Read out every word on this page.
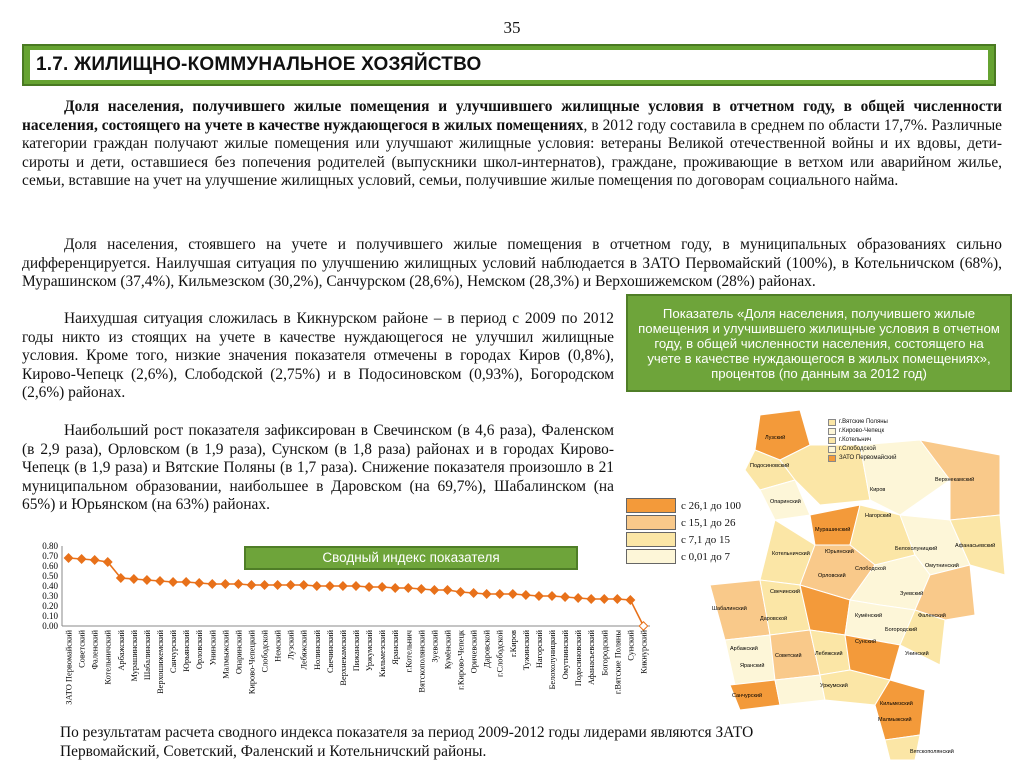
35
1.7. ЖИЛИЩНО-КОММУНАЛЬНОЕ ХОЗЯЙСТВО
Доля населения, получившего жилые помещения и улучшившего жилищные условия в отчетном году, в общей численности населения, состоящего на учете в качестве нуждающегося в жилых помещениях, в 2012 году составила в среднем по области 17,7%. Различные категории граждан получают жилые помещения или улучшают жилищные условия: ветераны Великой отечественной войны и их вдовы, дети-сироты и дети, оставшиеся без попечения родителей (выпускники школ-интернатов), граждане, проживающие в ветхом или аварийном жилье, семьи, вставшие на учет на улучшение жилищных условий, семьи, получившие жилые помещения по договорам социального найма.
Доля населения, стоявшего на учете и получившего жилые помещения в отчетном году, в муниципальных образованиях сильно дифференцируется. Наилучшая ситуация по улучшению жилищных условий наблюдается в ЗАТО Первомайский (100%), в Котельничском (68%), Мурашинском (37,4%), Кильмезском (30,2%), Санчурском (28,6%), Немском (28,3%) и Верхошижемском (28%) районах.
Наихудшая ситуация сложилась в Кикнурском районе – в период с 2009 по 2012 годы никто из стоящих на учете в качестве нуждающегося не улучшил жилищные условия. Кроме того, низкие значения показателя отмечены в городах Киров (0,8%), Кирово-Чепецк (2,6%), Слободской (2,75%) и в Подосиновском (0,93%), Богородском (2,6%) районах.
Наибольший рост показателя зафиксирован в Свечинском (в 4,6 раза), Фаленском (в 2,9 раза), Орловском (в 1,9 раза), Сунском (в 1,8 раза) районах и в городах Кирово-Чепецк (в 1,9 раза) и Вятские Поляны (в 1,7 раза). Снижение показателя произошло в 21 муниципальном образовании, наибольшее в Даровском (на 69,7%), Шабалинском (на 65%) и Юрьянском (на 63%) районах.
Показатель «Доля населения, получившего жилые помещения и улучшившего жилищные условия в отчетном году, в общей численности населения, состоящего на учете в качестве нуждающегося в жилых помещениях», процентов (по данным за 2012 год)
с 26,1 до 100
с 15,1 до 26
с 7,1 до 15
с 0,01 до 7
Лузский
Подосиновский
Верхнекамский
Опаринский
Мурашинский
Нагорский
Киров
Орловский
Слободской
Белохолуницкий
Омутнинский
Афанасьевский
Юрьянский
Котельничский
Зуевский
Шабалинский
Кумёнский	Фаленский
Свечинский
Даровской
Богородский
Унинский
Сунский
Арбажский
Яранский
Советский Лебяжский
Санчурский
Уржумский
Малмыжский
Кильмезский
Вятскополянский
г.Вятские Поляны
г.Кирово-Чепецк
г.Котельнич
г.Слободской
ЗАТО Первомайский
Сводный индекс показателя
0.80
0.70
0.60
0.50
0.40
0.30
0.20
0.10
0.00
ЗАТО Первомайский Советский Фаленский Котельничский Арбажский Мурашинский Шабалинский Верхошижемский Санчурский Юрьянский Орловский Унинский Малмыжский Опаринский Кирово-Чепецкий Слободской Немский Лузский Лебяжский Нолинский Свечинский Верхнекамский Пижанский Уржумский Кильмезский Яранский г.Котельнич Вятскополянский Зуевский Кумёнский г.Кирово-Чепецк Оричевский Даровской г.Слободской г.Киров Тужинский Нагорский Белохолуницкий Омутнинский Подосиновский Афанасьевский Богородский г.Вятские Поляны Сунский Кикнурский
По результатам расчета сводного индекса показателя за период 2009-2012 годы лидерами являются ЗАТО Первомайский, Советский, Фаленский и Котельничский районы.
